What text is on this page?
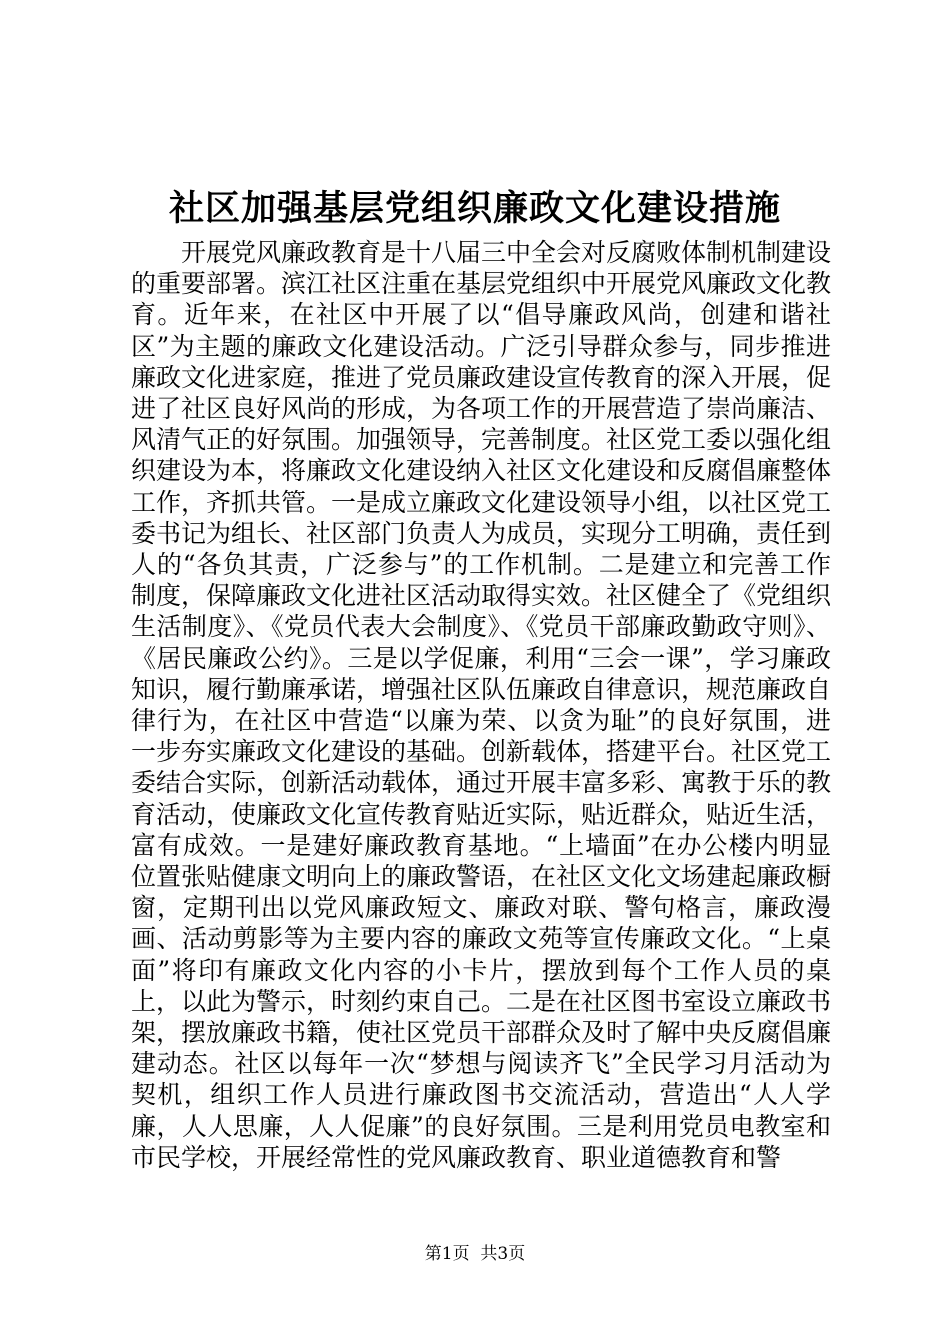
社区加强基层党组织廉政文化建设措施

开展党风廉政教育是十八届三中全会对反腐败体制机制建设的重要部署。滨江社区注重在基层党组织中开展党风廉政文化教育。近年来，在社区中开展了以“倡导廉政风尚，创建和谐社区”为主题的廉政文化建设活动。广泛引导群众参与，同步推进廉政文化进家庭，推进了党员廉政建设宣传教育的深入开展，促进了社区良好风尚的形成，为各项工作的开展营造了崇尚廉洁、风清气正的好氛围。加强领导，完善制度。社区党工委以强化组织建设为本，将廉政文化建设纳入社区文化建设和反腐倡廉整体工作，齐抓共管。一是成立廉政文化建设领导小组，以社区党工委书记为组长、社区部门负责人为成员，实现分工明确，责任到人的“各负其责，广泛参与”的工作机制。二是建立和完善工作制度，保障廉政文化进社区活动取得实效。社区健全了《党组织生活制度》、《党员代表大会制度》、《党员干部廉政勤政守则》、《居民廉政公约》。三是以学促廉，利用“三会一课”，学习廉政知识，履行勤廉承诺，增强社区队伍廉政自律意识，规范廉政自律行为，在社区中营造“以廉为荣、以贪为耻”的良好氛围，进一步夯实廉政文化建设的基础。创新载体，搭建平台。社区党工委结合实际，创新活动载体，通过开展丰富多彩、寓教于乐的教育活动，使廉政文化宣传教育贴近实际，贴近群众，贴近生活，富有成效。一是建好廉政教育基地。“上墙面”在办公楼内明显位置张贴健康文明向上的廉政警语，在社区文化文场建起廉政橱窗，定期刊出以党风廉政短文、廉政对联、警句格言，廉政漫画、活动剪影等为主要内容的廉政文苑等宣传廉政文化。“上桌面”将印有廉政文化内容的小卡片，摆放到每个工作人员的桌上，以此为警示，时刻约束自己。二是在社区图书室设立廉政书架，摆放廉政书籍，使社区党员干部群众及时了解中央反腐倡廉建动态。社区以每年一次“梦想与阅读齐飞”全民学习月活动为契机，组织工作人员进行廉政图书交流活动，营造出“人人学廉，人人思廉，人人促廉”的良好氛围。三是利用党员电教室和市民学校，开展经常性的党风廉政教育、职业道德教育和警

第1页 共3页
